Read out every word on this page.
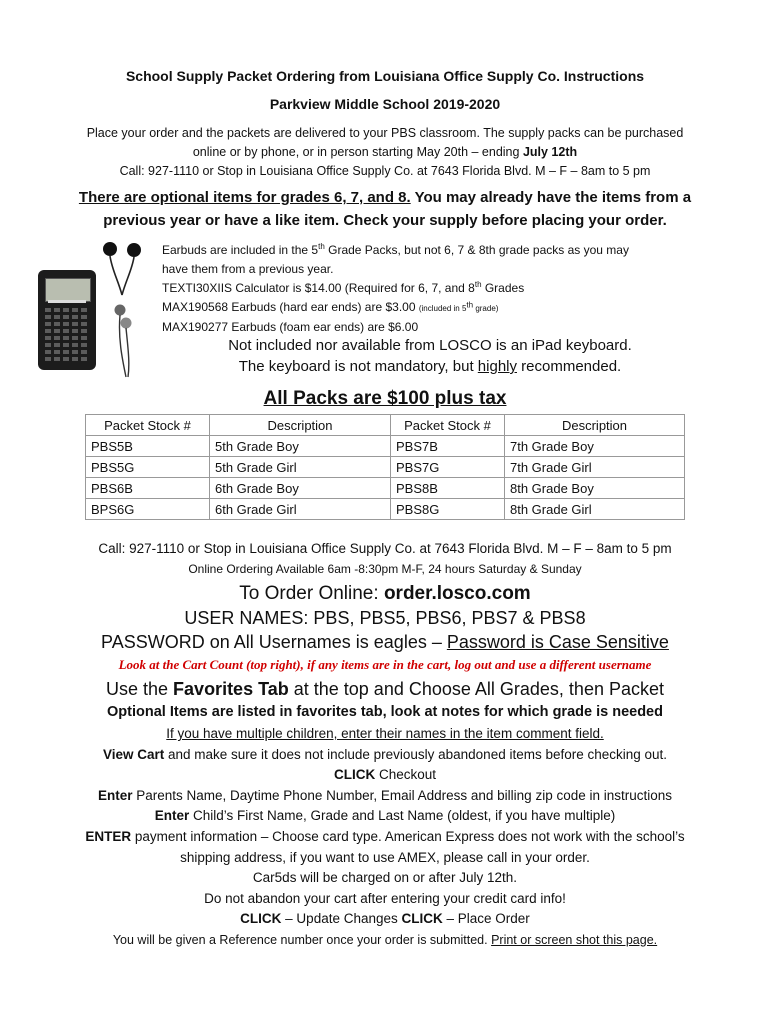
School Supply Packet Ordering from Louisiana Office Supply Co. Instructions
Parkview Middle School 2019-2020
Place your order and the packets are delivered to your PBS classroom. The supply packs can be purchased
online or by phone, or in person starting May 20th – ending July 12th
Call: 927-1110 or Stop in Louisiana Office Supply Co. at 7643 Florida Blvd. M – F – 8am to 5 pm
There are optional items for grades 6, 7, and 8. You may already have the items from a
previous year or have a like item. Check your supply before placing your order.
Earbuds are included in the 5th Grade Packs, but not 6, 7 & 8th grade packs as you may
have them from a previous year.
TEXTI30XIIS Calculator is $14.00 (Required for 6, 7, and 8th Grades
MAX190568 Earbuds (hard ear ends) are $3.00 (included in 5th grade)
MAX190277 Earbuds (foam ear ends) are $6.00
Not included nor available from LOSCO is an iPad keyboard.
The keyboard is not mandatory, but highly recommended.
All Packs are $100 plus tax
Packet Stock #	Description	Packet Stock #	Description
PBS5B	5th Grade Boy	PBS7B	7th Grade Boy
PBS5G	5th Grade Girl	PBS7G	7th Grade Girl
PBS6B	6th Grade Boy	PBS8B	8th Grade Boy
BPS6G	6th Grade Girl	PBS8G	8th Grade Girl
Call: 927-1110 or Stop in Louisiana Office Supply Co. at 7643 Florida Blvd. M – F – 8am to 5 pm
Online Ordering Available 6am -8:30pm M-F, 24 hours Saturday & Sunday
To Order Online: order.losco.com
USER NAMES: PBS, PBS5, PBS6, PBS7 & PBS8
PASSWORD on All Usernames is eagles – Password is Case Sensitive
Look at the Cart Count (top right), if any items are in the cart, log out and use a different username
Use the Favorites Tab at the top and Choose All Grades, then Packet
Optional Items are listed in favorites tab, look at notes for which grade is needed
If you have multiple children, enter their names in the item comment field.
View Cart and make sure it does not include previously abandoned items before checking out.
CLICK Checkout
Enter Parents Name, Daytime Phone Number, Email Address and billing zip code in instructions
Enter Child’s First Name, Grade and Last Name (oldest, if you have multiple)
ENTER payment information – Choose card type. American Express does not work with the school’s
shipping address, if you want to use AMEX, please call in your order.
Car5ds will be charged on or after July 12th.
Do not abandon your cart after entering your credit card info!
CLICK – Update Changes CLICK – Place Order
You will be given a Reference number once your order is submitted. Print or screen shot this page.
